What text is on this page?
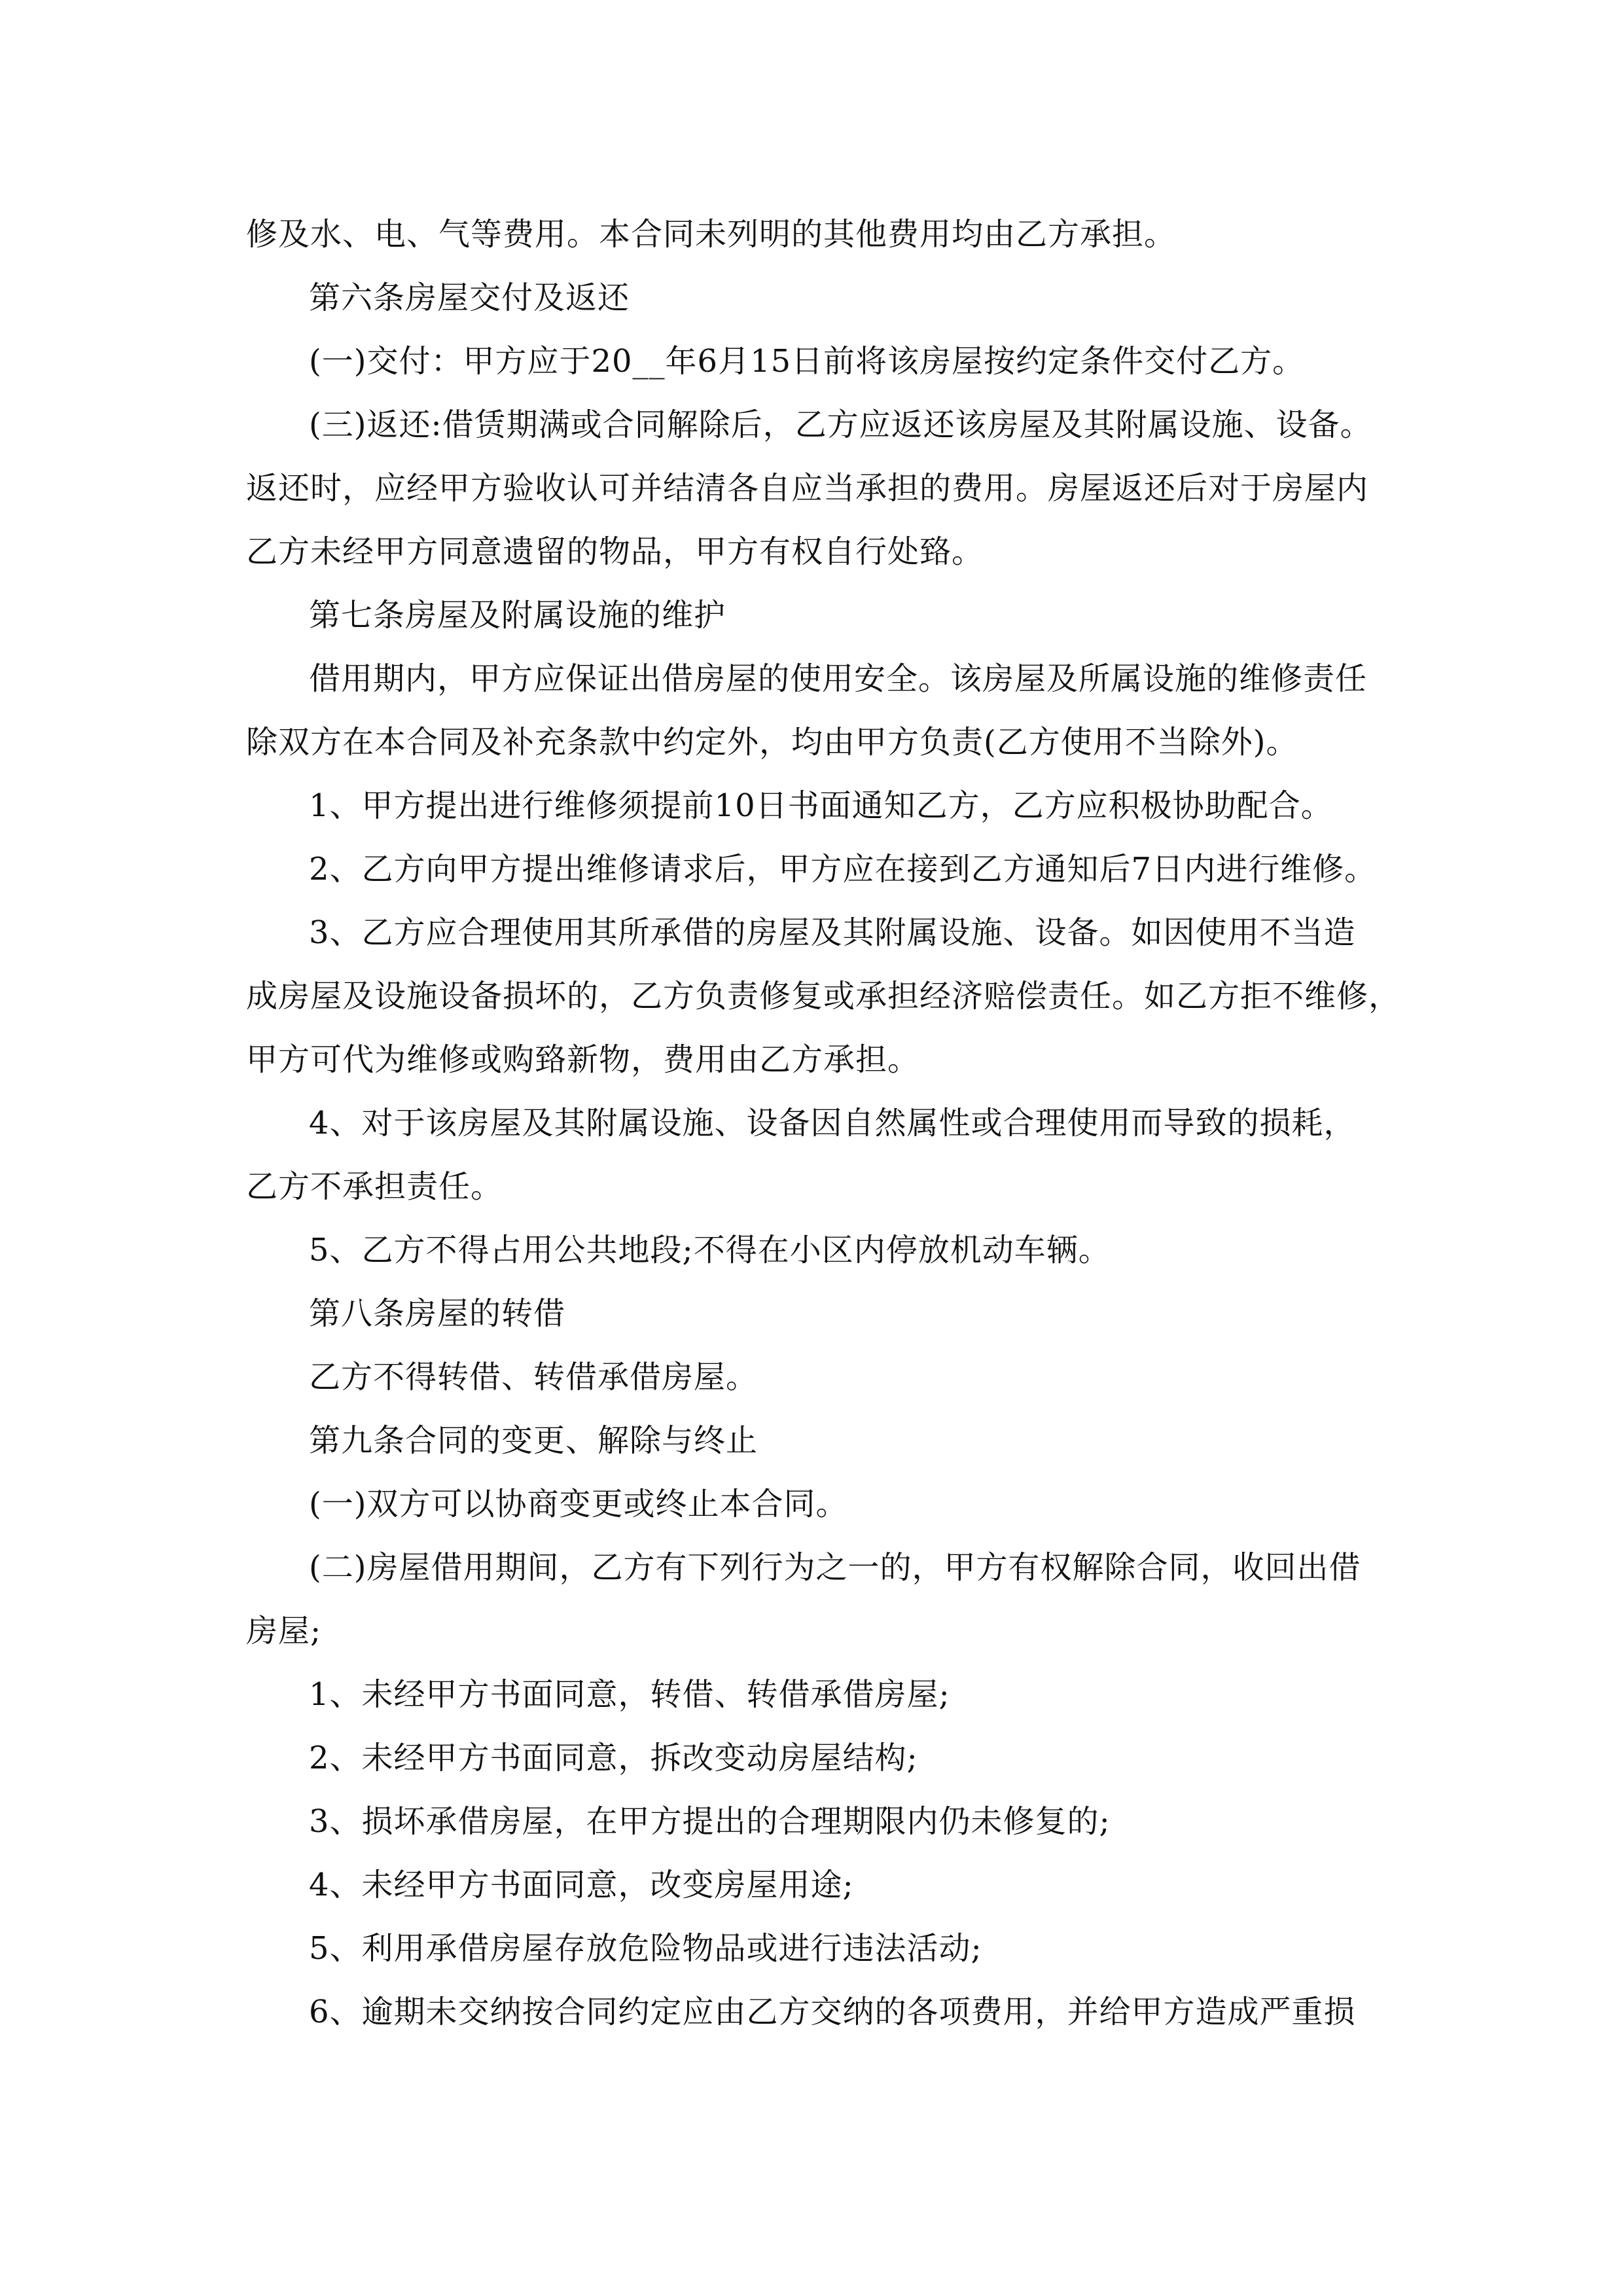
修及水、电、气等费用。本合同未列明的其他费用均由乙方承担。
第六条房屋交付及返还
(一)交付：甲方应于20__年6月15日前将该房屋按约定条件交付乙方。
(三)返还:借赁期满或合同解除后，乙方应返还该房屋及其附属设施、设备。
返还时，应经甲方验收认可并结清各自应当承担的费用。房屋返还后对于房屋内
乙方未经甲方同意遗留的物品，甲方有权自行处臵。
第七条房屋及附属设施的维护
借用期内，甲方应保证出借房屋的使用安全。该房屋及所属设施的维修责任
除双方在本合同及补充条款中约定外，均由甲方负责(乙方使用不当除外)。
1、甲方提出进行维修须提前10日书面通知乙方，乙方应积极协助配合。
2、乙方向甲方提出维修请求后，甲方应在接到乙方通知后7日内进行维修。
3、乙方应合理使用其所承借的房屋及其附属设施、设备。如因使用不当造
成房屋及设施设备损坏的，乙方负责修复或承担经济赔偿责任。如乙方拒不维修，
甲方可代为维修或购臵新物，费用由乙方承担。
4、对于该房屋及其附属设施、设备因自然属性或合理使用而导致的损耗，
乙方不承担责任。
5、乙方不得占用公共地段;不得在小区内停放机动车辆。
第八条房屋的转借
乙方不得转借、转借承借房屋。
第九条合同的变更、解除与终止
(一)双方可以协商变更或终止本合同。
(二)房屋借用期间，乙方有下列行为之一的，甲方有权解除合同，收回出借
房屋;
1、未经甲方书面同意，转借、转借承借房屋;
2、未经甲方书面同意，拆改变动房屋结构;
3、损坏承借房屋，在甲方提出的合理期限内仍未修复的;
4、未经甲方书面同意，改变房屋用途;
5、利用承借房屋存放危险物品或进行违法活动;
6、逾期未交纳按合同约定应由乙方交纳的各项费用，并给甲方造成严重损
